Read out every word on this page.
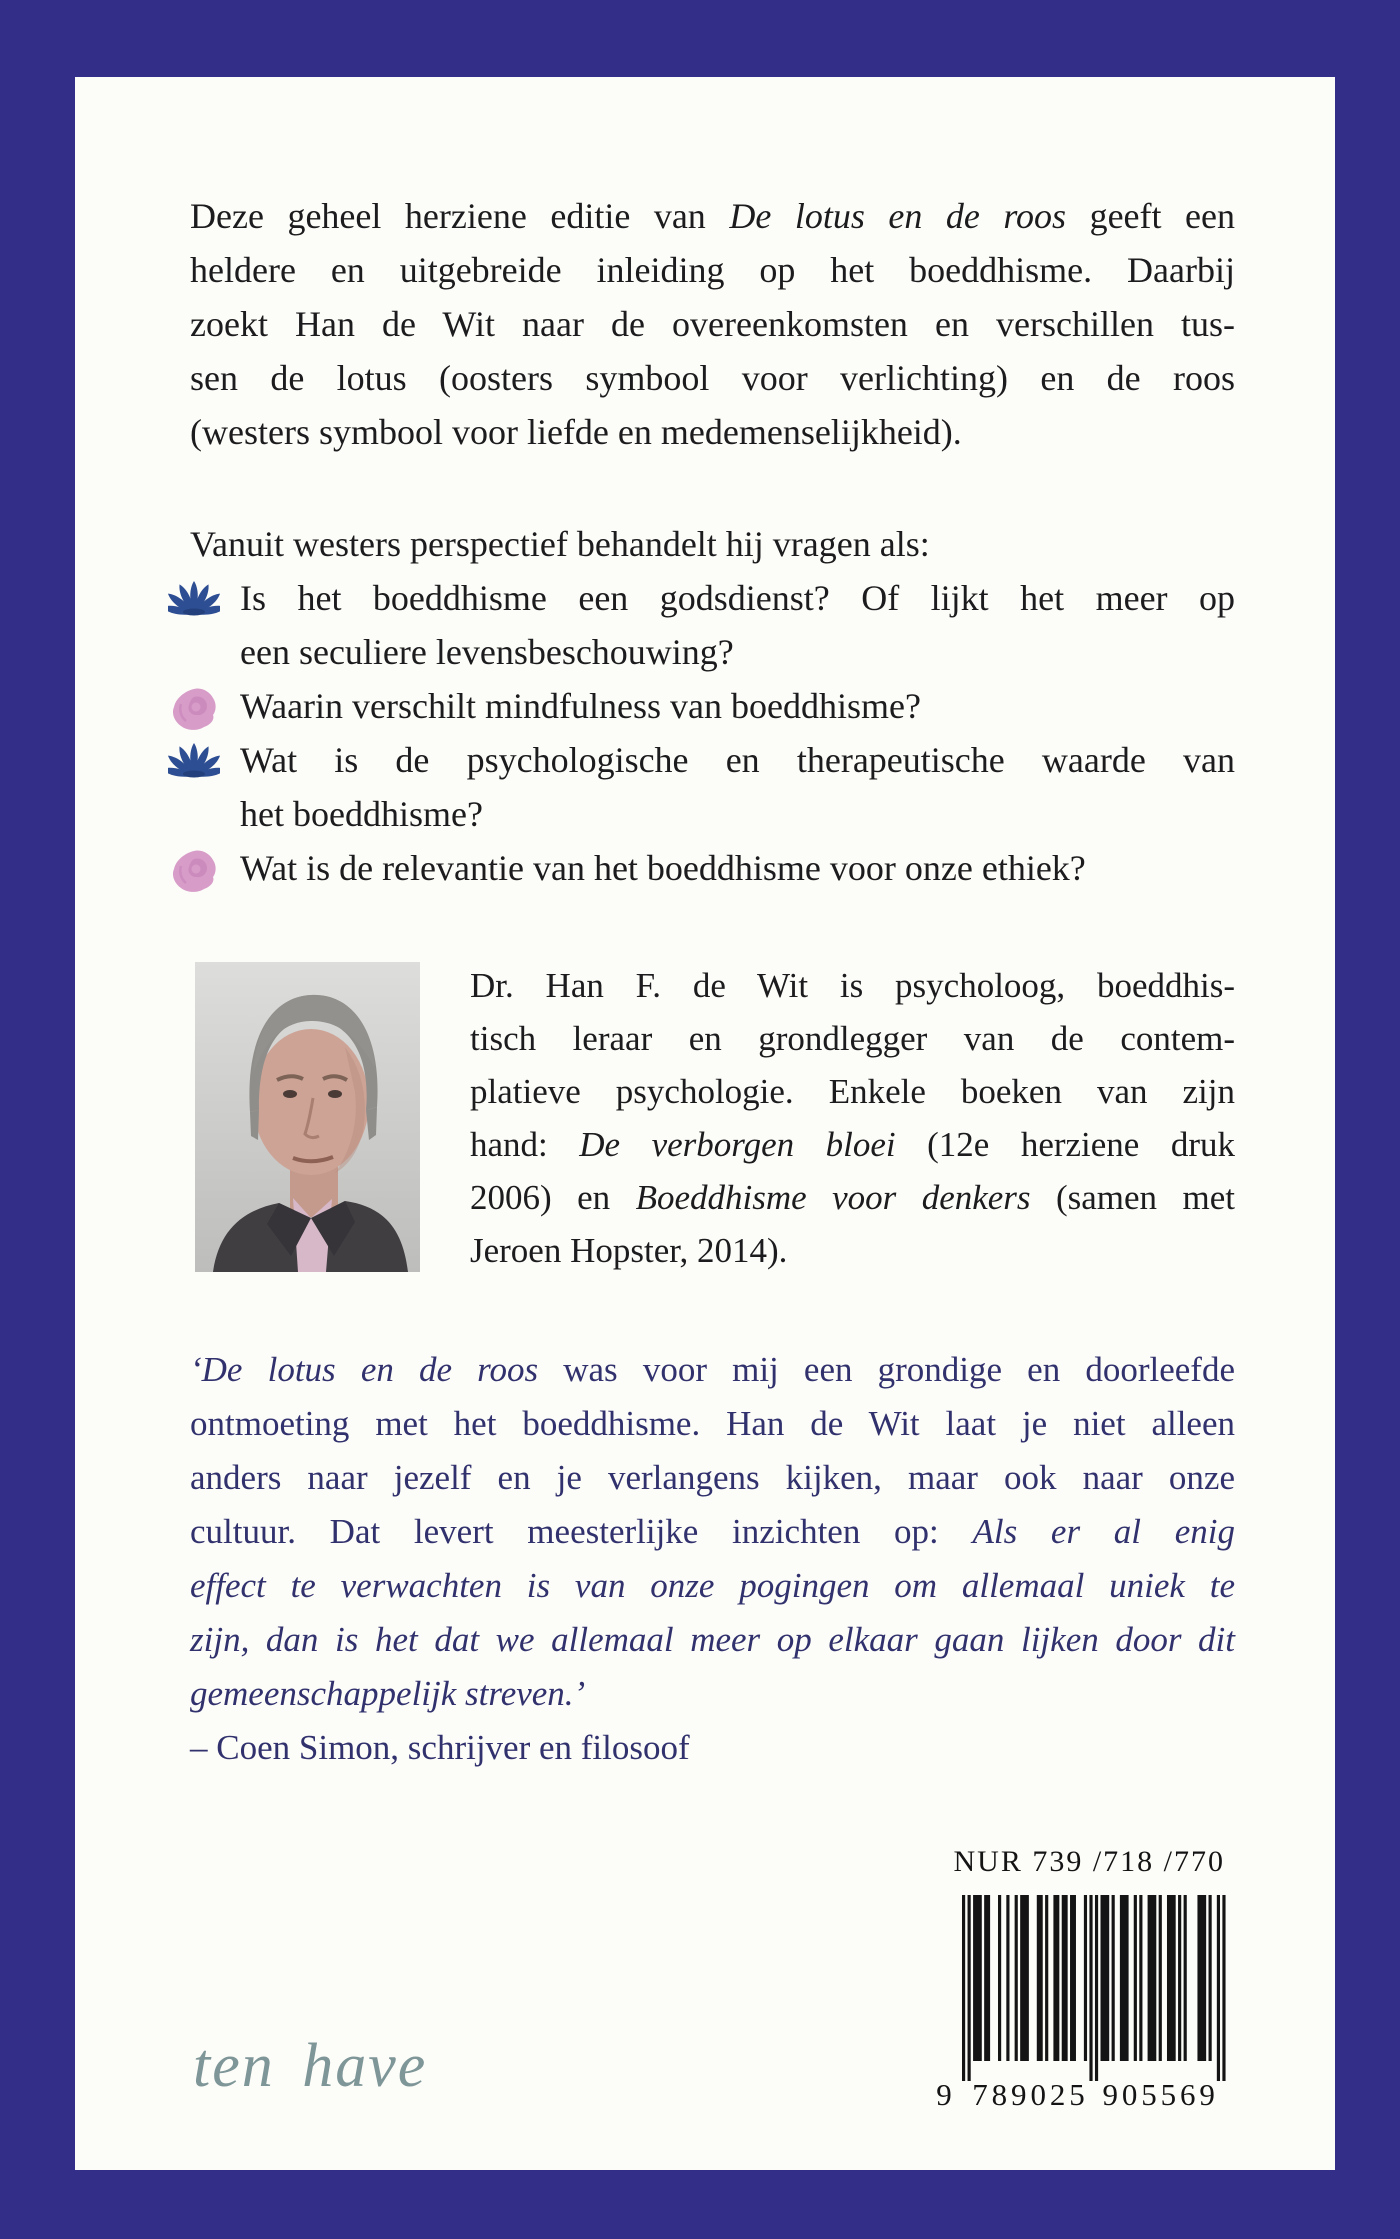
Deze geheel herziene editie van De lotus en de roos geeft een
heldere en uitgebreide inleiding op het boeddhisme. Daarbij
zoekt Han de Wit naar de overeenkomsten en verschillen tus-
sen de lotus (oosters symbool voor verlichting) en de roos
(westers symbool voor liefde en medemenselijkheid).
Vanuit westers perspectief behandelt hij vragen als:
Is het boeddhisme een godsdienst? Of lijkt het meer op
een seculiere levensbeschouwing?
Waarin verschilt mindfulness van boeddhisme?
Wat is de psychologische en therapeutische waarde van
het boeddhisme?
Wat is de relevantie van het boeddhisme voor onze ethiek?
Dr. Han F. de Wit is psycholoog, boeddhis-
tisch leraar en grondlegger van de contem-
platieve psychologie. Enkele boeken van zijn
hand: De verborgen bloei (12e herziene druk
2006) en Boeddhisme voor denkers (samen met
Jeroen Hopster, 2014).
‘De lotus en de roos was voor mij een grondige en doorleefde
ontmoeting met het boeddhisme. Han de Wit laat je niet alleen
anders naar jezelf en je verlangens kijken, maar ook naar onze
cultuur. Dat levert meesterlijke inzichten op: Als er al enig
effect te verwachten is van onze pogingen om allemaal uniek te
zijn, dan is het dat we allemaal meer op elkaar gaan lijken door dit
gemeenschappelijk streven.’
– Coen Simon, schrijver en filosoof
NUR 739 /718 /770
9 7 8 9 0 2 5 9 0 5 5 6 9
ten have
